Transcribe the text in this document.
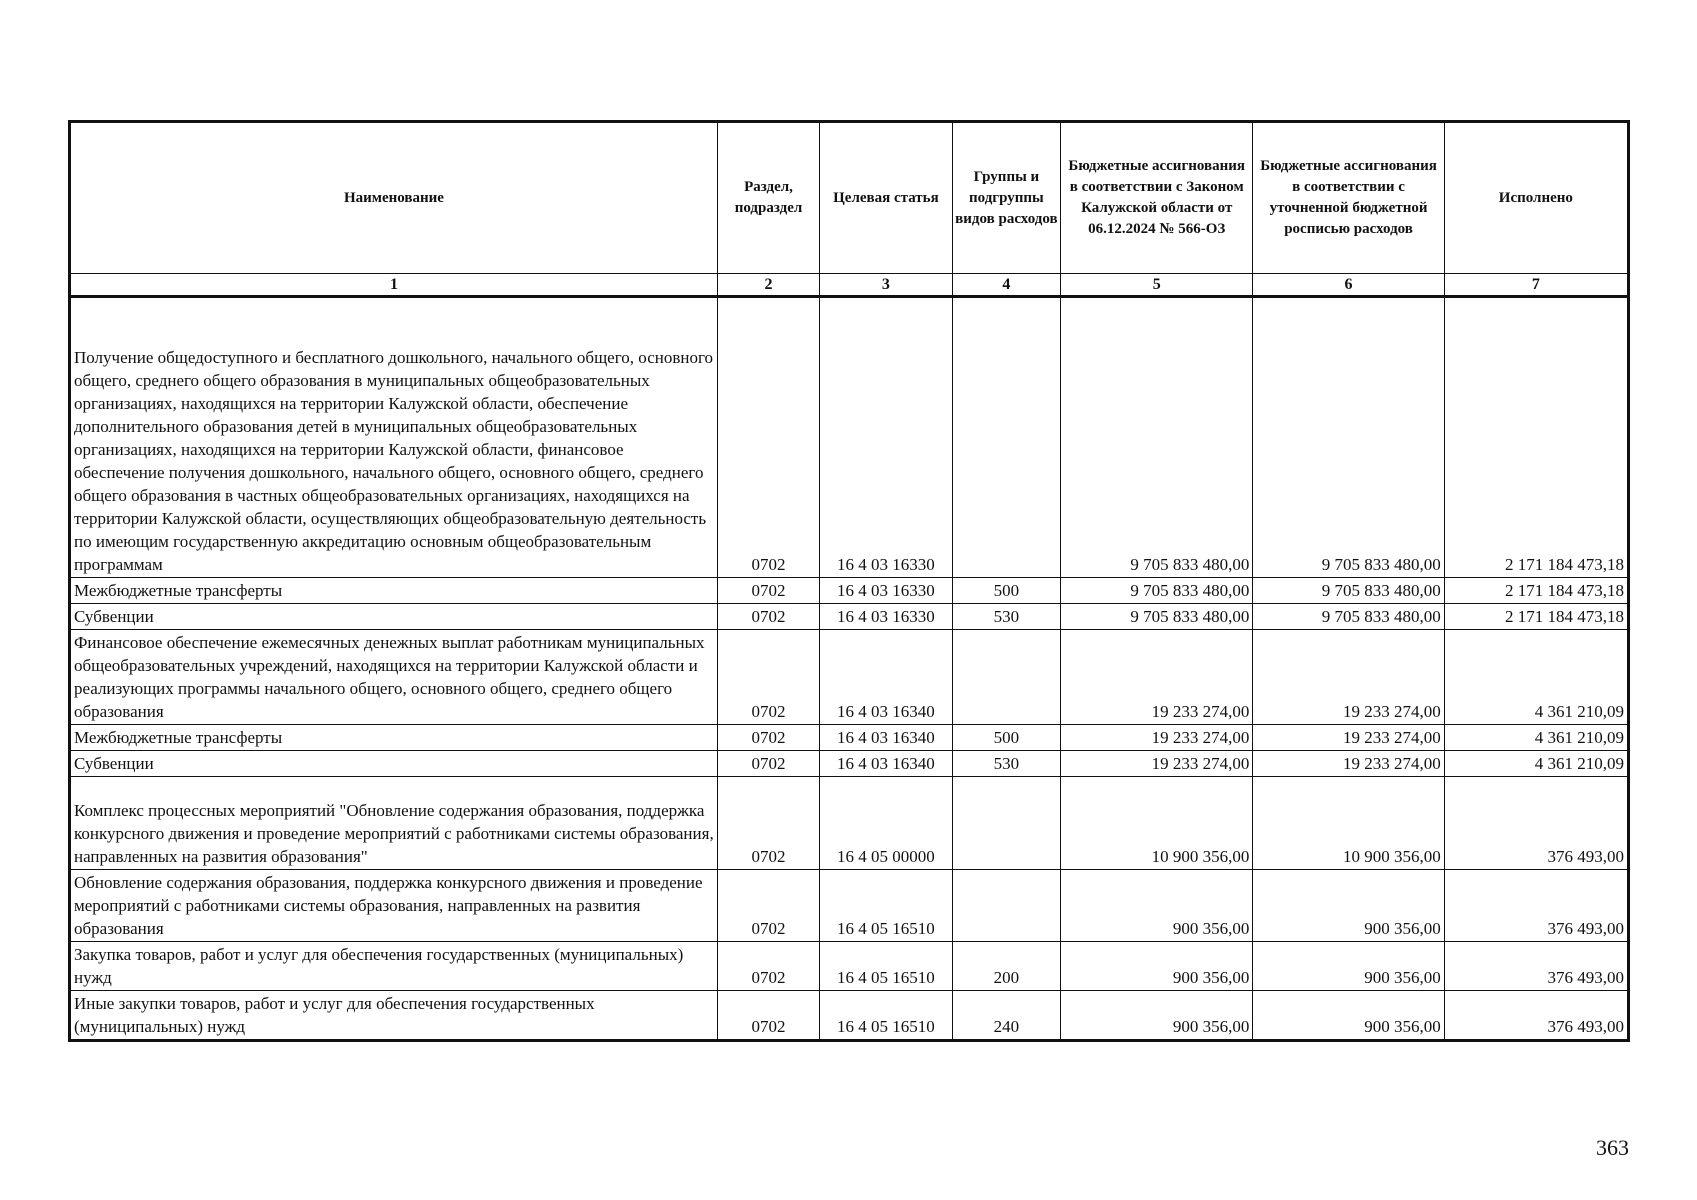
Наименование	Раздел, подраздел	Целевая статья	Группы и подгруппы видов расходов	Бюджетные ассигнования в соответствии с Законом Калужской области от 06.12.2024 № 566-ОЗ	Бюджетные ассигнования в соответствии с уточненной бюджетной росписью расходов	Исполнено
1	2	3	4	5	6	7
Получение общедоступного и бесплатного дошкольного, начального общего, основного общего, среднего общего образования в муниципальных общеобразовательных организациях, находящихся на территории Калужской области, обеспечение дополнительного образования детей в муниципальных общеобразовательных организациях, находящихся на территории Калужской области, финансовое обеспечение получения дошкольного, начального общего, основного общего, среднего общего образования в частных общеобразовательных организациях, находящихся на территории Калужской области, осуществляющих общеобразовательную деятельность по имеющим государственную аккредитацию основным общеобразовательным программам	0702	16 4 03 16330		9 705 833 480,00	9 705 833 480,00	2 171 184 473,18
Межбюджетные трансферты	0702	16 4 03 16330	500	9 705 833 480,00	9 705 833 480,00	2 171 184 473,18
Субвенции	0702	16 4 03 16330	530	9 705 833 480,00	9 705 833 480,00	2 171 184 473,18
Финансовое обеспечение ежемесячных денежных выплат работникам муниципальных общеобразовательных учреждений, находящихся на территории Калужской области и реализующих программы начального общего, основного общего, среднего общего образования	0702	16 4 03 16340		19 233 274,00	19 233 274,00	4 361 210,09
Межбюджетные трансферты	0702	16 4 03 16340	500	19 233 274,00	19 233 274,00	4 361 210,09
Субвенции	0702	16 4 03 16340	530	19 233 274,00	19 233 274,00	4 361 210,09
Комплекс процессных мероприятий "Обновление содержания образования, поддержка конкурсного движения и проведение мероприятий с работниками системы образования, направленных на развития образования"	0702	16 4 05 00000		10 900 356,00	10 900 356,00	376 493,00
Обновление содержания образования, поддержка конкурсного движения и проведение мероприятий с работниками системы образования, направленных на развития образования	0702	16 4 05 16510		900 356,00	900 356,00	376 493,00
Закупка товаров, работ и услуг для обеспечения государственных (муниципальных) нужд	0702	16 4 05 16510	200	900 356,00	900 356,00	376 493,00
Иные закупки товаров, работ и услуг для обеспечения государственных (муниципальных) нужд	0702	16 4 05 16510	240	900 356,00	900 356,00	376 493,00
363
